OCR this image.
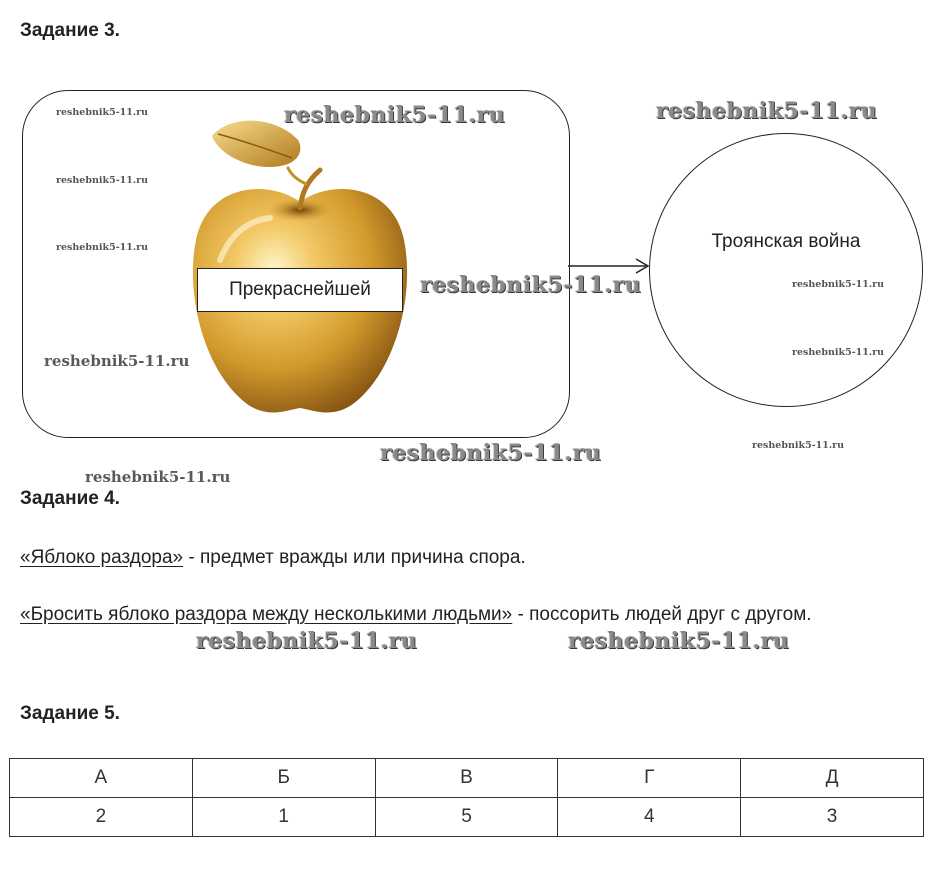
Задание 3.
Прекраснейшей
Троянская война
reshebnik5-11.ru	reshebnik5-11.ru
reshebnik5-11.ru
reshebnik5-11.ru
reshebnik5-11.ru	reshebnik5-11.ru
reshebnik5-11.ru
reshebnik5-11.ru
reshebnik5-11.ru
reshebnik5-11.ru
reshebnik5-11.ru
reshebnik5-11.ru
reshebnik5-11.ru
reshebnik5-11.ru
Задание 4.
«Яблоко раздора» - предмет вражды или причина спора.
«Бросить яблоко раздора между несколькими людьми» - поссорить людей друг с другом.
Задание 5.
А	Б	В	Г	Д
2	1	5	4	3
